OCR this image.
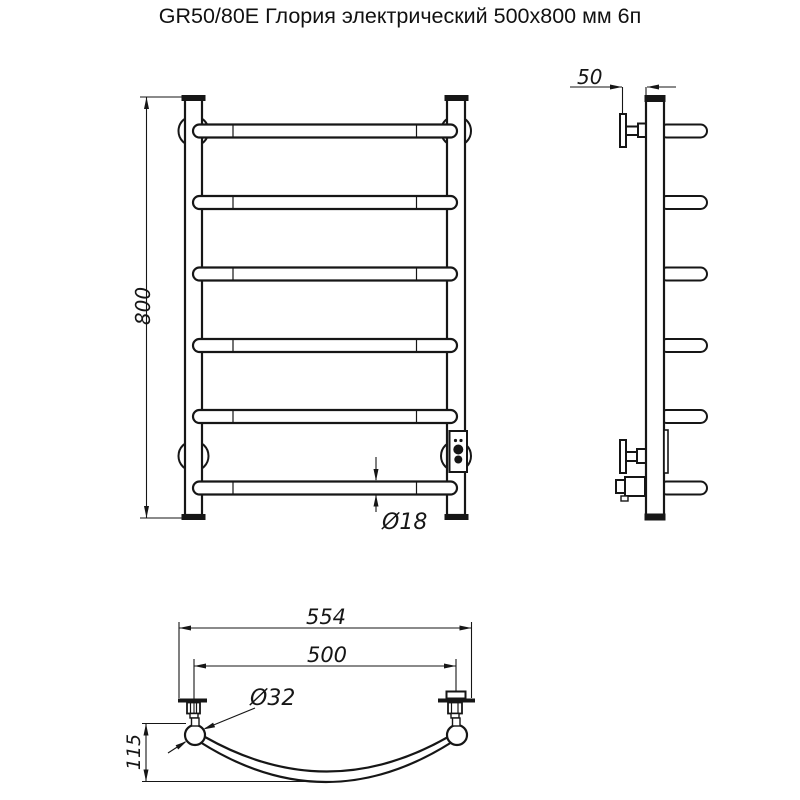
GR50/80E Глория электрический 500x800 мм 6п
800
Ø18
50
554
500
Ø32
115
